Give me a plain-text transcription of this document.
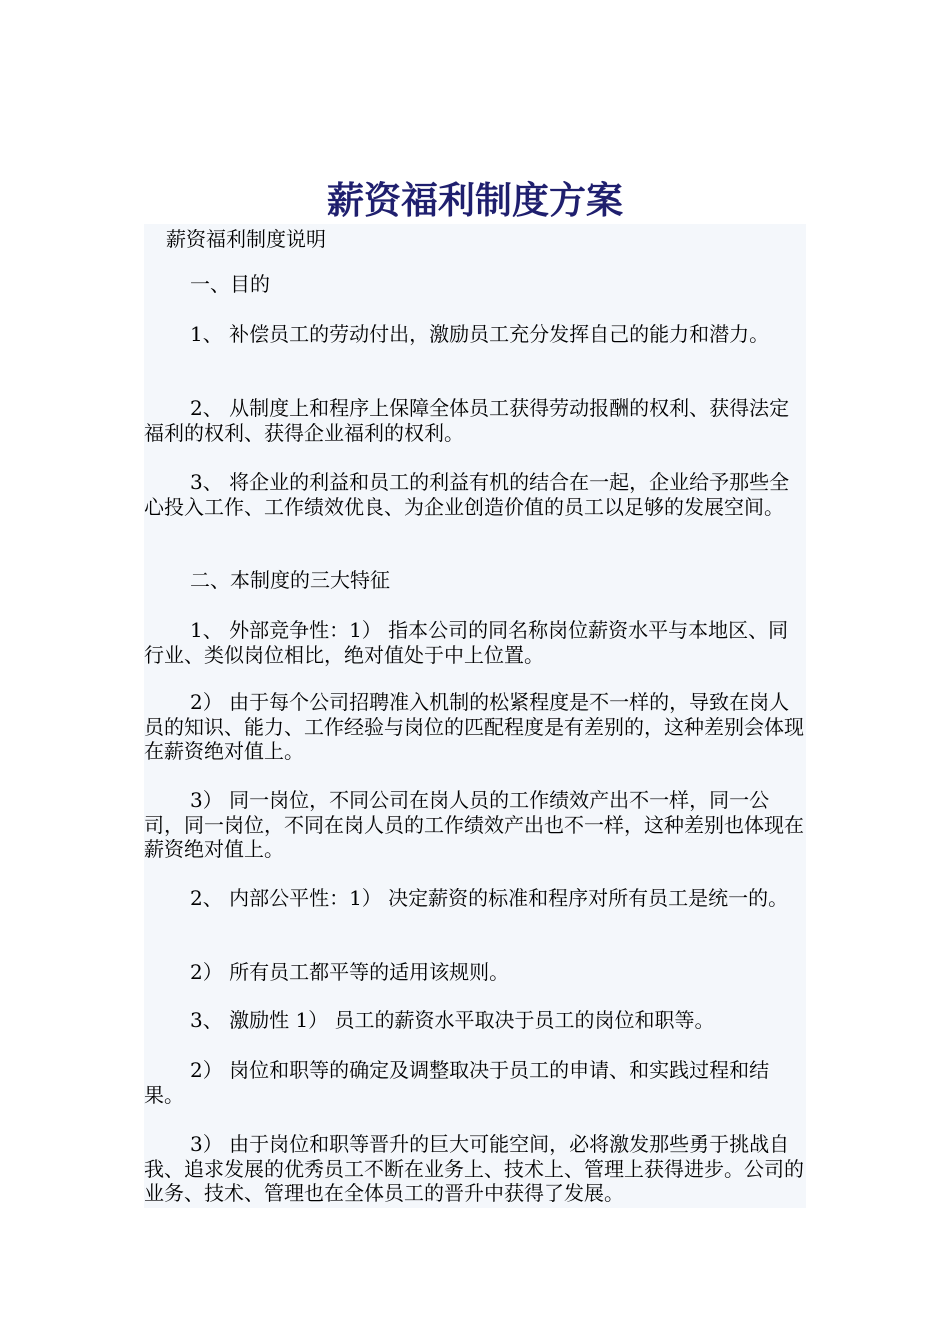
薪资福利制度方案
薪资福利制度说明

一、目的

1、 补偿员工的劳动付出，激励员工充分发挥自己的能力和潜力。

2、 从制度上和程序上保障全体员工获得劳动报酬的权利、获得法定福利的权利、获得企业福利的权利。

3、 将企业的利益和员工的利益有机的结合在一起，企业给予那些全心投入工作、工作绩效优良、为企业创造价值的员工以足够的发展空间。

二、本制度的三大特征

1、 外部竞争性：1） 指本公司的同名称岗位薪资水平与本地区、同行业、类似岗位相比，绝对值处于中上位置。

2） 由于每个公司招聘准入机制的松紧程度是不一样的，导致在岗人员的知识、能力、工作经验与岗位的匹配程度是有差别的，这种差别会体现在薪资绝对值上。

3） 同一岗位，不同公司在岗人员的工作绩效产出不一样，同一公司，同一岗位，不同在岗人员的工作绩效产出也不一样，这种差别也体现在薪资绝对值上。

2、 内部公平性：1） 决定薪资的标准和程序对所有员工是统一的。

2） 所有员工都平等的适用该规则。

3、 激励性 1） 员工的薪资水平取决于员工的岗位和职等。

2） 岗位和职等的确定及调整取决于员工的申请、和实践过程和结果。

3） 由于岗位和职等晋升的巨大可能空间，必将激发那些勇于挑战自我、追求发展的优秀员工不断在业务上、技术上、管理上获得进步。公司的业务、技术、管理也在全体员工的晋升中获得了发展。
